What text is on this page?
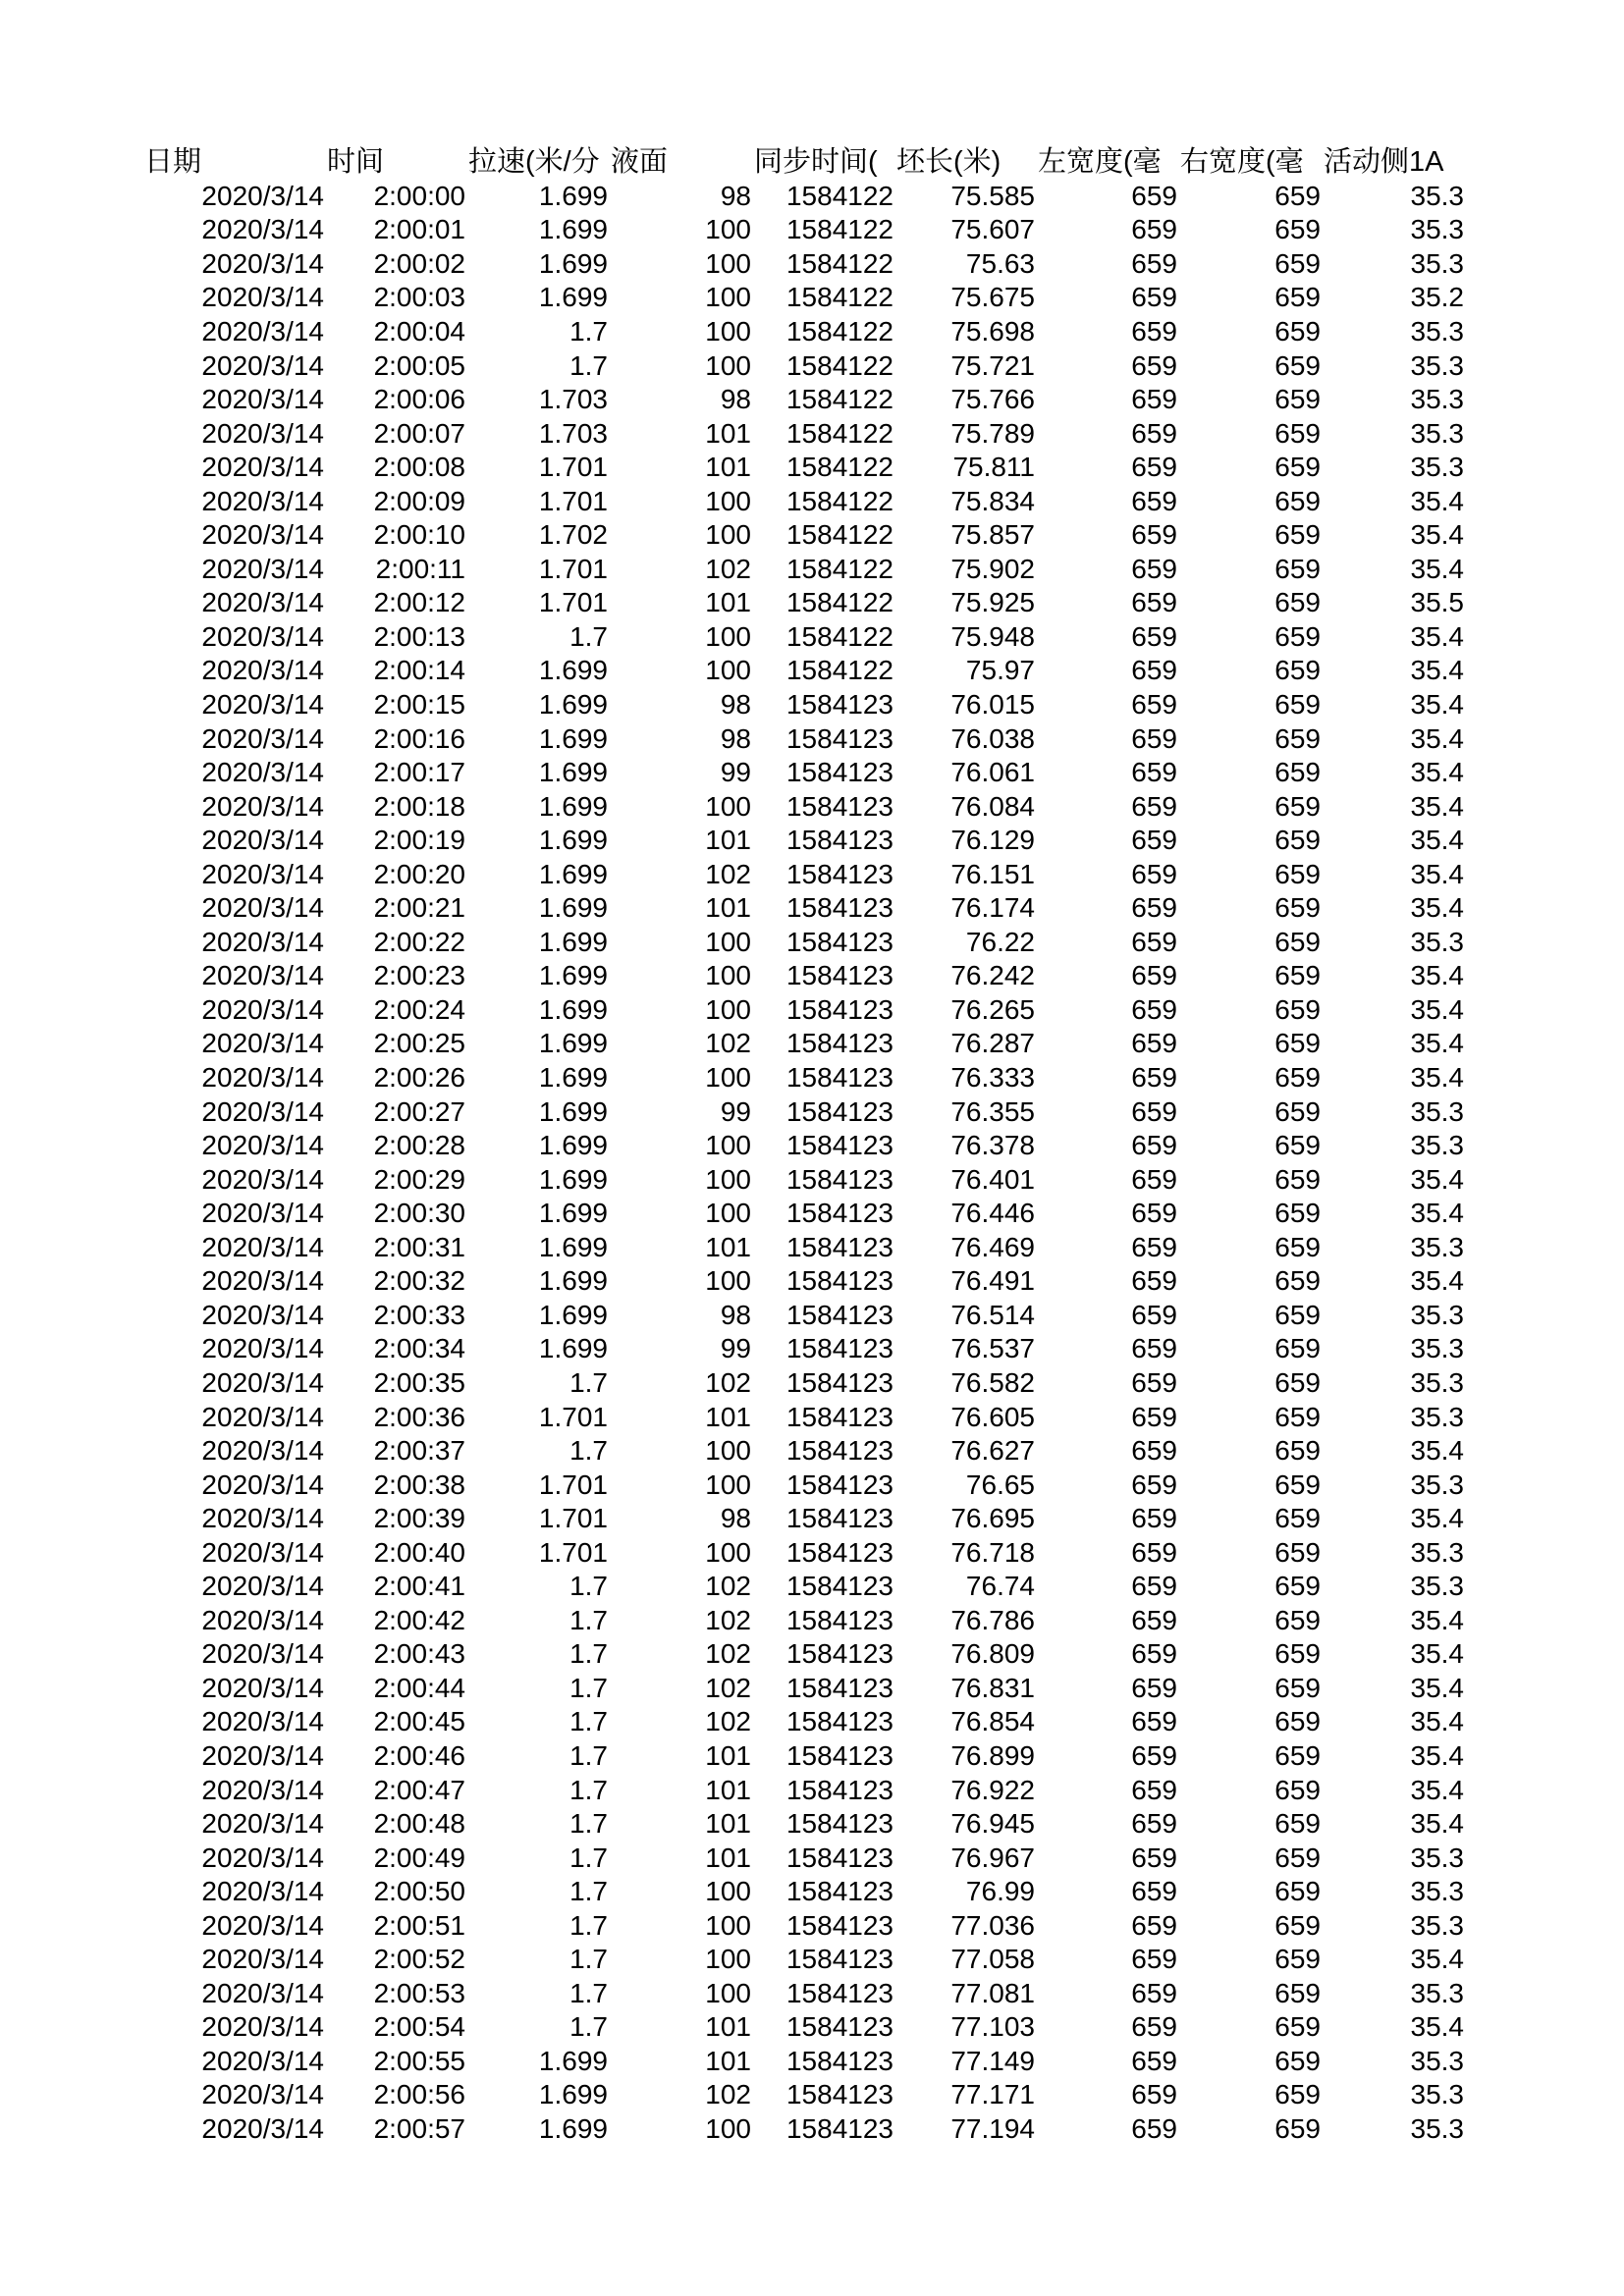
日期	时间	拉速(米/分	液面	同步时间(	坯长(米)	左宽度(毫	右宽度(毫	活动侧1A
2020/3/14	2:00:00	1.699	98	1584122	75.585	659	659	35.3
2020/3/14	2:00:01	1.699	100	1584122	75.607	659	659	35.3
2020/3/14	2:00:02	1.699	100	1584122	75.63	659	659	35.3
2020/3/14	2:00:03	1.699	100	1584122	75.675	659	659	35.2
2020/3/14	2:00:04	1.7	100	1584122	75.698	659	659	35.3
2020/3/14	2:00:05	1.7	100	1584122	75.721	659	659	35.3
2020/3/14	2:00:06	1.703	98	1584122	75.766	659	659	35.3
2020/3/14	2:00:07	1.703	101	1584122	75.789	659	659	35.3
2020/3/14	2:00:08	1.701	101	1584122	75.811	659	659	35.3
2020/3/14	2:00:09	1.701	100	1584122	75.834	659	659	35.4
2020/3/14	2:00:10	1.702	100	1584122	75.857	659	659	35.4
2020/3/14	2:00:11	1.701	102	1584122	75.902	659	659	35.4
2020/3/14	2:00:12	1.701	101	1584122	75.925	659	659	35.5
2020/3/14	2:00:13	1.7	100	1584122	75.948	659	659	35.4
2020/3/14	2:00:14	1.699	100	1584122	75.97	659	659	35.4
2020/3/14	2:00:15	1.699	98	1584123	76.015	659	659	35.4
2020/3/14	2:00:16	1.699	98	1584123	76.038	659	659	35.4
2020/3/14	2:00:17	1.699	99	1584123	76.061	659	659	35.4
2020/3/14	2:00:18	1.699	100	1584123	76.084	659	659	35.4
2020/3/14	2:00:19	1.699	101	1584123	76.129	659	659	35.4
2020/3/14	2:00:20	1.699	102	1584123	76.151	659	659	35.4
2020/3/14	2:00:21	1.699	101	1584123	76.174	659	659	35.4
2020/3/14	2:00:22	1.699	100	1584123	76.22	659	659	35.3
2020/3/14	2:00:23	1.699	100	1584123	76.242	659	659	35.4
2020/3/14	2:00:24	1.699	100	1584123	76.265	659	659	35.4
2020/3/14	2:00:25	1.699	102	1584123	76.287	659	659	35.4
2020/3/14	2:00:26	1.699	100	1584123	76.333	659	659	35.4
2020/3/14	2:00:27	1.699	99	1584123	76.355	659	659	35.3
2020/3/14	2:00:28	1.699	100	1584123	76.378	659	659	35.3
2020/3/14	2:00:29	1.699	100	1584123	76.401	659	659	35.4
2020/3/14	2:00:30	1.699	100	1584123	76.446	659	659	35.4
2020/3/14	2:00:31	1.699	101	1584123	76.469	659	659	35.3
2020/3/14	2:00:32	1.699	100	1584123	76.491	659	659	35.4
2020/3/14	2:00:33	1.699	98	1584123	76.514	659	659	35.3
2020/3/14	2:00:34	1.699	99	1584123	76.537	659	659	35.3
2020/3/14	2:00:35	1.7	102	1584123	76.582	659	659	35.3
2020/3/14	2:00:36	1.701	101	1584123	76.605	659	659	35.3
2020/3/14	2:00:37	1.7	100	1584123	76.627	659	659	35.4
2020/3/14	2:00:38	1.701	100	1584123	76.65	659	659	35.3
2020/3/14	2:00:39	1.701	98	1584123	76.695	659	659	35.4
2020/3/14	2:00:40	1.701	100	1584123	76.718	659	659	35.3
2020/3/14	2:00:41	1.7	102	1584123	76.74	659	659	35.3
2020/3/14	2:00:42	1.7	102	1584123	76.786	659	659	35.4
2020/3/14	2:00:43	1.7	102	1584123	76.809	659	659	35.4
2020/3/14	2:00:44	1.7	102	1584123	76.831	659	659	35.4
2020/3/14	2:00:45	1.7	102	1584123	76.854	659	659	35.4
2020/3/14	2:00:46	1.7	101	1584123	76.899	659	659	35.4
2020/3/14	2:00:47	1.7	101	1584123	76.922	659	659	35.4
2020/3/14	2:00:48	1.7	101	1584123	76.945	659	659	35.4
2020/3/14	2:00:49	1.7	101	1584123	76.967	659	659	35.3
2020/3/14	2:00:50	1.7	100	1584123	76.99	659	659	35.3
2020/3/14	2:00:51	1.7	100	1584123	77.036	659	659	35.3
2020/3/14	2:00:52	1.7	100	1584123	77.058	659	659	35.4
2020/3/14	2:00:53	1.7	100	1584123	77.081	659	659	35.3
2020/3/14	2:00:54	1.7	101	1584123	77.103	659	659	35.4
2020/3/14	2:00:55	1.699	101	1584123	77.149	659	659	35.3
2020/3/14	2:00:56	1.699	102	1584123	77.171	659	659	35.3
2020/3/14	2:00:57	1.699	100	1584123	77.194	659	659	35.3
